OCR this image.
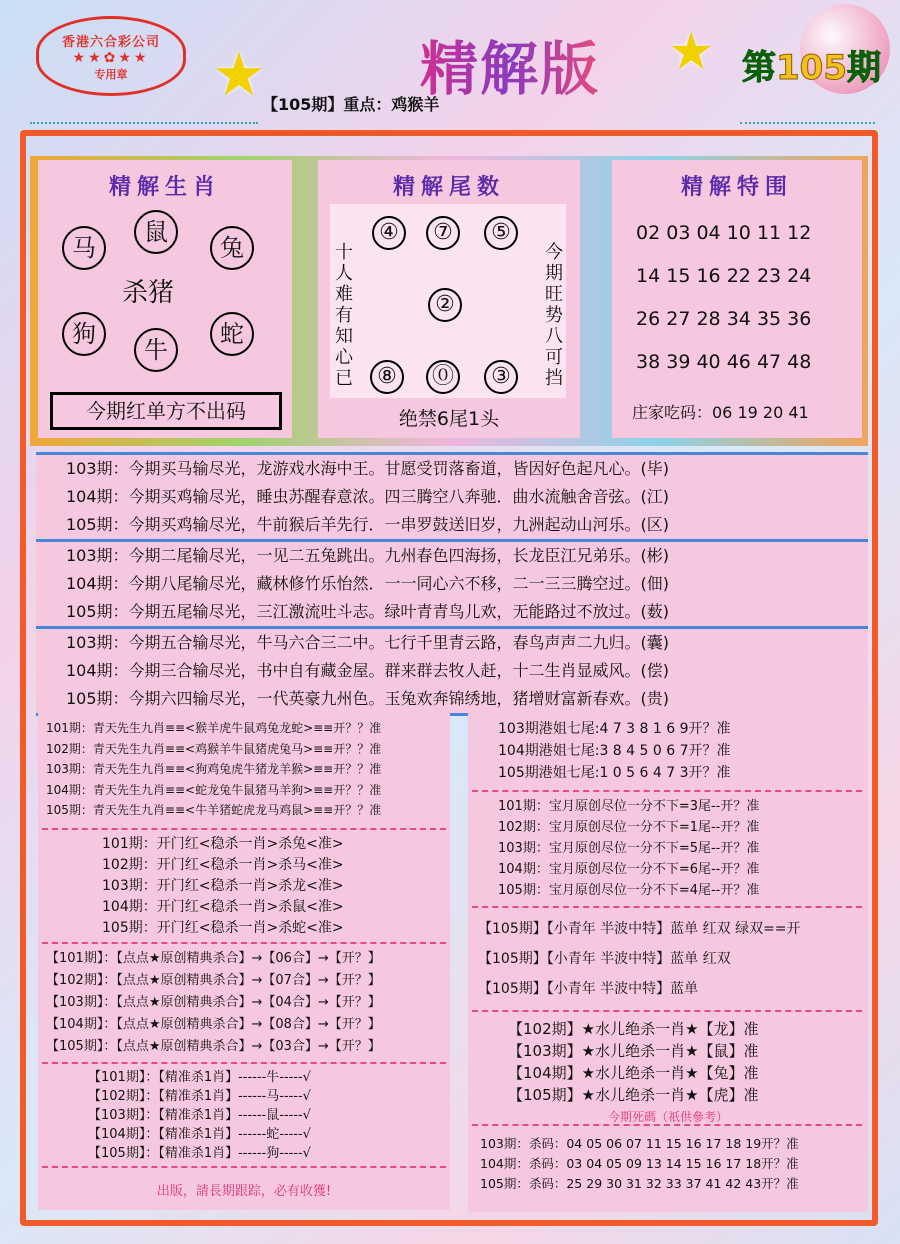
香港六合彩公司
★★✿★★
专用章	★	精解版 ★ 第105期
【105期】重点：鸡猴羊
精解生肖
马
鼠
兔
杀猪
狗
牛
蛇
今期红单方不出码
精解尾数
④	⑦	⑤
②
⑧	⓪	③
十人难有知心已
今期旺势八可挡
绝禁6尾1头
精解特围
02 03 04 10 11 12
14 15 16 22 23 24
26 27 28 34 35 36
38 39 40 46 47 48
庄家吃码：06 19 20 41
103期：今期买马输尽光，龙游戏水海中王。甘愿受罚落畜道，皆因好色起凡心。(毕)
104期：今期买鸡输尽光，睡虫苏醒春意浓。四三腾空八奔驰．曲水流触舍音弦。(江)
105期：今期买鸡输尽光，牛前猴后羊先行．一串罗鼓送旧岁，九洲起动山河乐。(区)
103期：今期二尾输尽光，一见二五兔跳出。九州春色四海扬，长龙臣江兄弟乐。(彬)
104期：今期八尾输尽光，藏林修竹乐怡然．一一同心六不移，二一三三腾空过。(佃)
105期：今期五尾输尽光，三江激流吐斗志。绿叶青青鸟儿欢，无能路过不放过。(薮)
103期：今期五合输尽光，牛马六合三二中。七行千里青云路，春鸟声声二九归。(囊)
104期：今期三合输尽光，书中自有藏金屋。群来群去牧人赶，十二生肖显威风。(偿)
105期：今期六四输尽光，一代英豪九州色。玉兔欢奔锦绣地，猪增财富新春欢。(贵)
101期：青天先生九肖≡≡<猴羊虎牛鼠鸡兔龙蛇>≡≡开？？准
102期：青天先生九肖≡≡<鸡猴羊牛鼠猪虎兔马>≡≡开？？准
103期：青天先生九肖≡≡<狗鸡兔虎牛猪龙羊猴>≡≡开？？准
104期：青天先生九肖≡≡<蛇龙兔牛鼠猪马羊狗>≡≡开？？准
105期：青天先生九肖≡≡<牛羊猪蛇虎龙马鸡鼠>≡≡开？？准
101期：开门红<稳杀一肖>杀兔<准>
102期：开门红<稳杀一肖>杀马<准>
103期：开门红<稳杀一肖>杀龙<准>
104期：开门红<稳杀一肖>杀鼠<准>
105期：开门红<稳杀一肖>杀蛇<准>
【101期】：【点点★原创精典杀合】→【06合】→【开？】
【102期】：【点点★原创精典杀合】→【07合】→【开？】
【103期】：【点点★原创精典杀合】→【04合】→【开？】
【104期】：【点点★原创精典杀合】→【08合】→【开？】
【105期】：【点点★原创精典杀合】→【03合】→【开？】
【101期】：【精准杀1肖】------牛-----√
【102期】：【精准杀1肖】------马-----√
【103期】：【精准杀1肖】------鼠-----√
【104期】：【精准杀1肖】------蛇-----√
【105期】：【精准杀1肖】------狗-----√
出版，請長期跟踪，必有收獲!
103期港姐七尾:4 7 3 8 1 6 9开？准
104期港姐七尾:3 8 4 5 0 6 7开？准
105期港姐七尾:1 0 5 6 4 7 3开？准
101期：宝月原创尽位一分不下=3尾--开？准
102期：宝月原创尽位一分不下=1尾--开？准
103期：宝月原创尽位一分不下=5尾--开？准
104期：宝月原创尽位一分不下=6尾--开？准
105期：宝月原创尽位一分不下=4尾--开？准
【105期】【小青年 半波中特】蓝单 红双 绿双==开
【105期】【小青年 半波中特】蓝单 红双
【105期】【小青年 半波中特】蓝单
【102期】★水儿绝杀一肖★【龙】准
【103期】★水儿绝杀一肖★【鼠】准
【104期】★水儿绝杀一肖★【兔】准
【105期】★水儿绝杀一肖★【虎】准
今期死碼（祇供參考）
103期：杀码：04 05 06 07 11 15 16 17 18 19开？准
104期：杀码：03 04 05 09 13 14 15 16 17 18开？准
105期：杀码：25 29 30 31 32 33 37 41 42 43开？准
